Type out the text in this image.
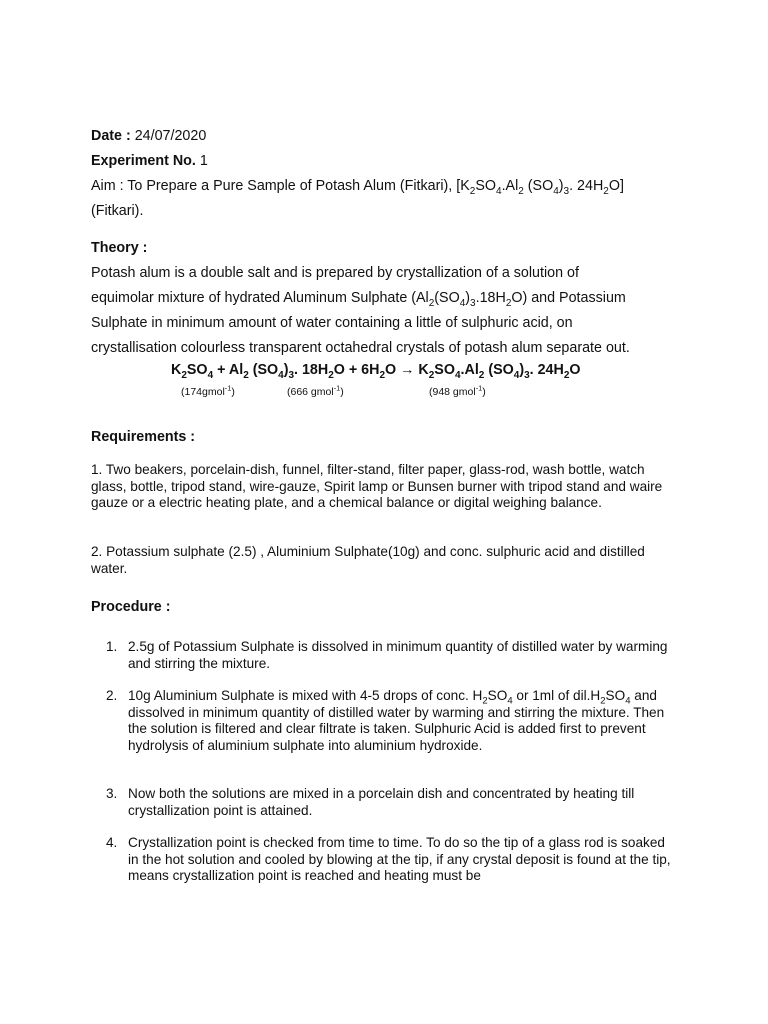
Date : 24/07/2020
Experiment No. 1
Aim : To Prepare a Pure Sample of Potash Alum (Fitkari), [$K_2SO_4.Al_2$ $(SO_4)_3$. $24H_2O$]
(Fitkari).
Theory :
Potash alum is a double salt and is prepared by crystallization of a solution of
equimolar mixture of hydrated Aluminum Sulphate $(Al_2(SO_4)_3.18H_2O)$ and Potassium
Sulphate in minimum amount of water containing a little of sulphuric acid, on
crystallisation colourless transparent octahedral crystals of potash alum separate out.
$K_2SO_4 + Al_2$ $(SO_4)_3$. $18H_2O + 6H_2O \to K_2SO_4.Al_2$ $(SO_4)_3$. $24H_2O$
(174gmol$^{-1}$)	(666 gmol$^{-1}$)	(948 gmol$^{-1}$)
Requirements :
1. Two beakers, porcelain-dish, funnel, filter-stand, filter paper, glass-rod, wash bottle, watch glass, bottle, tripod stand, wire-gauze, Spirit lamp or Bunsen burner with tripod stand and waire gauze or a electric heating plate, and a chemical balance or digital weighing balance.
2. Potassium sulphate (2.5) , Aluminium Sulphate(10g) and conc. sulphuric acid and distilled water.
Procedure :
1. 2.5g of Potassium Sulphate is dissolved in minimum quantity of distilled water by warming and stirring the mixture.
2. 10g Aluminium Sulphate is mixed with 4-5 drops of conc. $H_2SO_4$ or 1ml of $dil.H_2SO_4$ and dissolved in minimum quantity of distilled water by warming and stirring the mixture. Then the solution is filtered and clear filtrate is taken. Sulphuric Acid is added first to prevent hydrolysis of aluminium sulphate into aluminium hydroxide.
3. Now both the solutions are mixed in a porcelain dish and concentrated by heating till crystallization point is attained.
4. Crystallization point is checked from time to time. To do so the tip of a glass rod is soaked in the hot solution and cooled by blowing at the tip, if any crystal deposit is found at the tip, means crystallization point is reached and heating must be
